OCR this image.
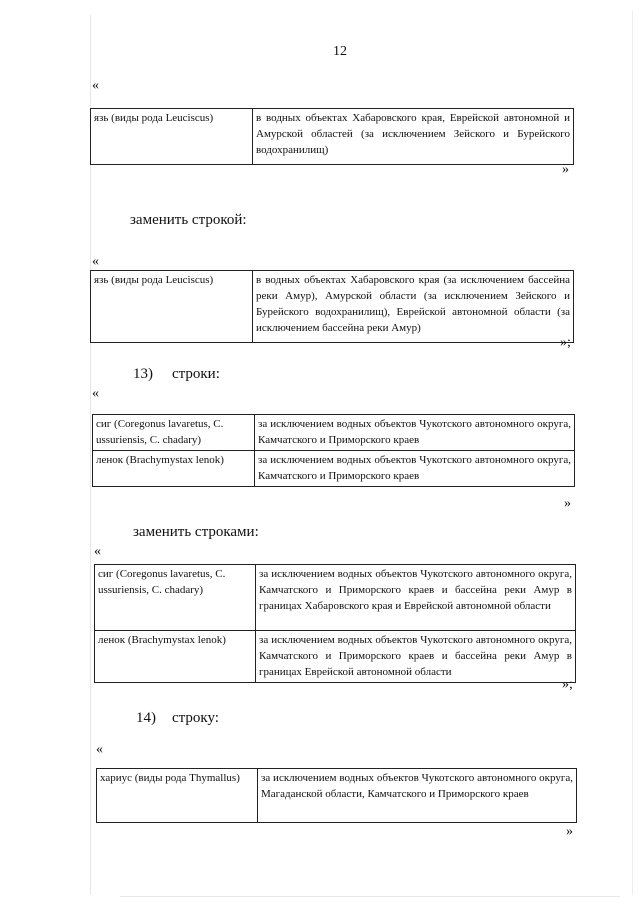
12
«
язь (виды рода Leuciscus)	в водных объектах Хабаровского края, Еврейской автономной и Амурской областей (за исключением Зейского и Бурейского водохранилищ)
»
заменить строкой:
«
язь (виды рода Leuciscus)	в водных объектах Хабаровского края (за исключением бассейна реки Амур), Амурской области (за исключением Зейского и Бурейского водохранилищ), Еврейской автономной области (за исключением бассейна реки Амур)
»;
13) строки:
«
сиг (Coregonus lavaretus, C. ussuriensis, C. chadary)	за исключением водных объектов Чукотского автономного округа, Камчатского и Приморского краев
ленок (Brachymystax lenok)	за исключением водных объектов Чукотского автономного округа, Камчатского и Приморского краев
»
заменить строками:
«
сиг (Coregonus lavaretus, C. ussuriensis, C. chadary)	за исключением водных объектов Чукотского автономного округа, Камчатского и Приморского краев и бассейна реки Амур в границах Хабаровского края и Еврейской автономной области
ленок (Brachymystax lenok)	за исключением водных объектов Чукотского автономного округа, Камчатского и Приморского краев и бассейна реки Амур в границах Еврейской автономной области
»;
14) строку:
«
хариус (виды рода Thymallus)	за исключением водных объектов Чукотского автономного округа, Магаданской области, Камчатского и Приморского краев
»
